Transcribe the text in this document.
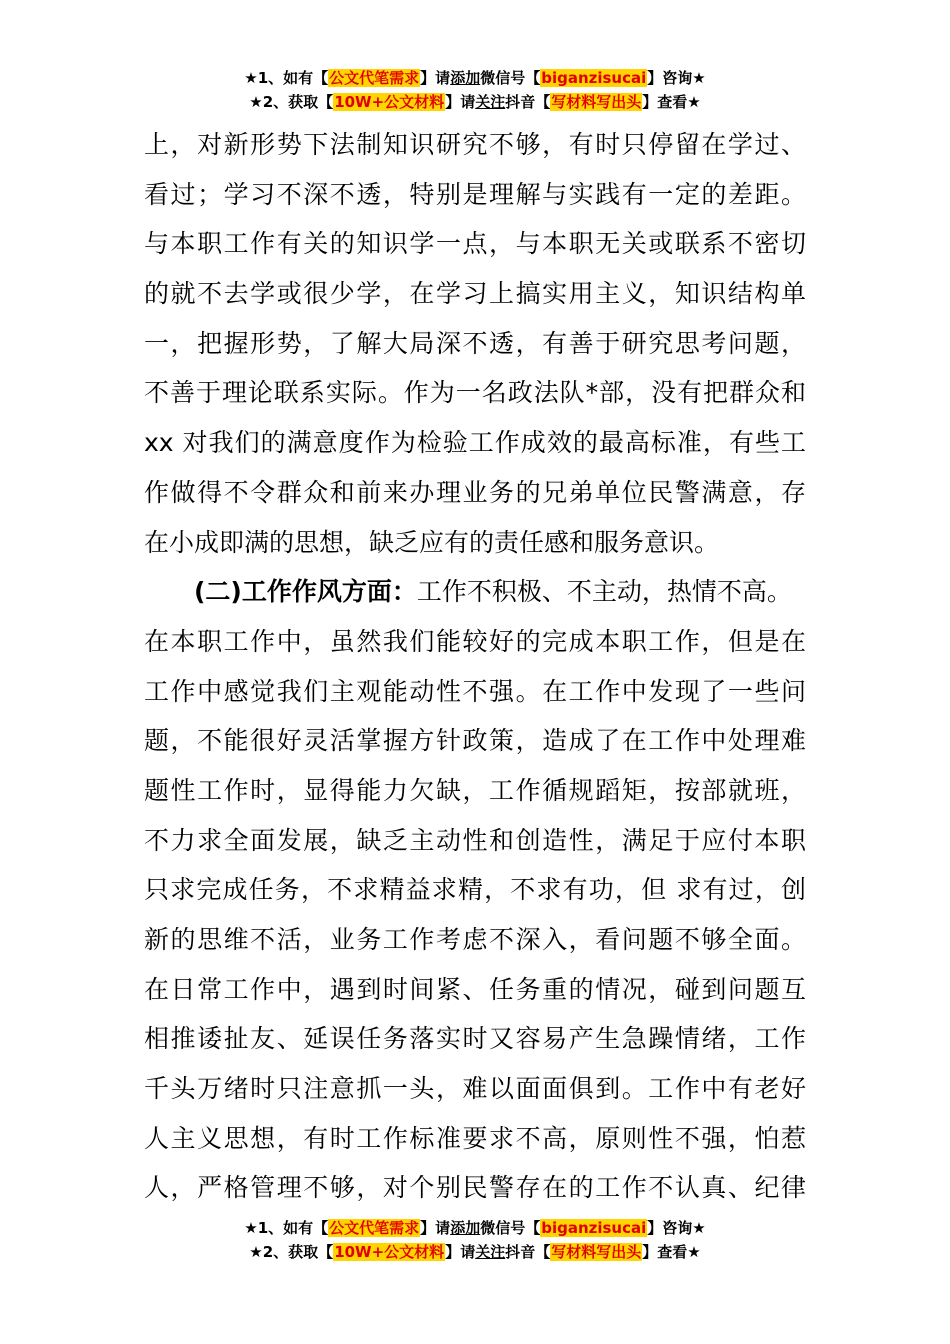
★1、如有【公文代笔需求】请添加微信号【biganzisucai】咨询★
★2、获取【10W+公文材料】请关注抖音【写材料写出头】查看★
上，对新形势下法制知识研究不够，有时只停留在学过、
看过；学习不深不透，特别是理解与实践有一定的差距。
与本职工作有关的知识学一点，与本职无关或联系不密切
的就不去学或很少学，在学习上搞实用主义，知识结构单
一，把握形势，了解大局深不透，有善于研究思考问题，
不善于理论联系实际。作为一名政法队*部，没有把群众和
xx 对我们的满意度作为检验工作成效的最高标准，有些工
作做得不令群众和前来办理业务的兄弟单位民警满意，存
在小成即满的思想，缺乏应有的责任感和服务意识。
(二)工作作风方面：工作不积极、不主动，热情不高。
在本职工作中，虽然我们能较好的完成本职工作，但是在
工作中感觉我们主观能动性不强。在工作中发现了一些问
题，不能很好灵活掌握方针政策，造成了在工作中处理难
题性工作时，显得能力欠缺，工作循规蹈矩，按部就班，
不力求全面发展，缺乏主动性和创造性，满足于应付本职
只求完成任务，不求精益求精，不求有功，但 求有过，创
新的思维不活，业务工作考虑不深入，看问题不够全面。
在日常工作中，遇到时间紧、任务重的情况，碰到问题互
相推诿扯友、延误任务落实时又容易产生急躁情绪，工作
千头万绪时只注意抓一头，难以面面俱到。工作中有老好
人主义思想，有时工作标准要求不高，原则性不强，怕惹
人，严格管理不够，对个别民警存在的工作不认真、纪律
★1、如有【公文代笔需求】请添加微信号【biganzisucai】咨询★
★2、获取【10W+公文材料】请关注抖音【写材料写出头】查看★
